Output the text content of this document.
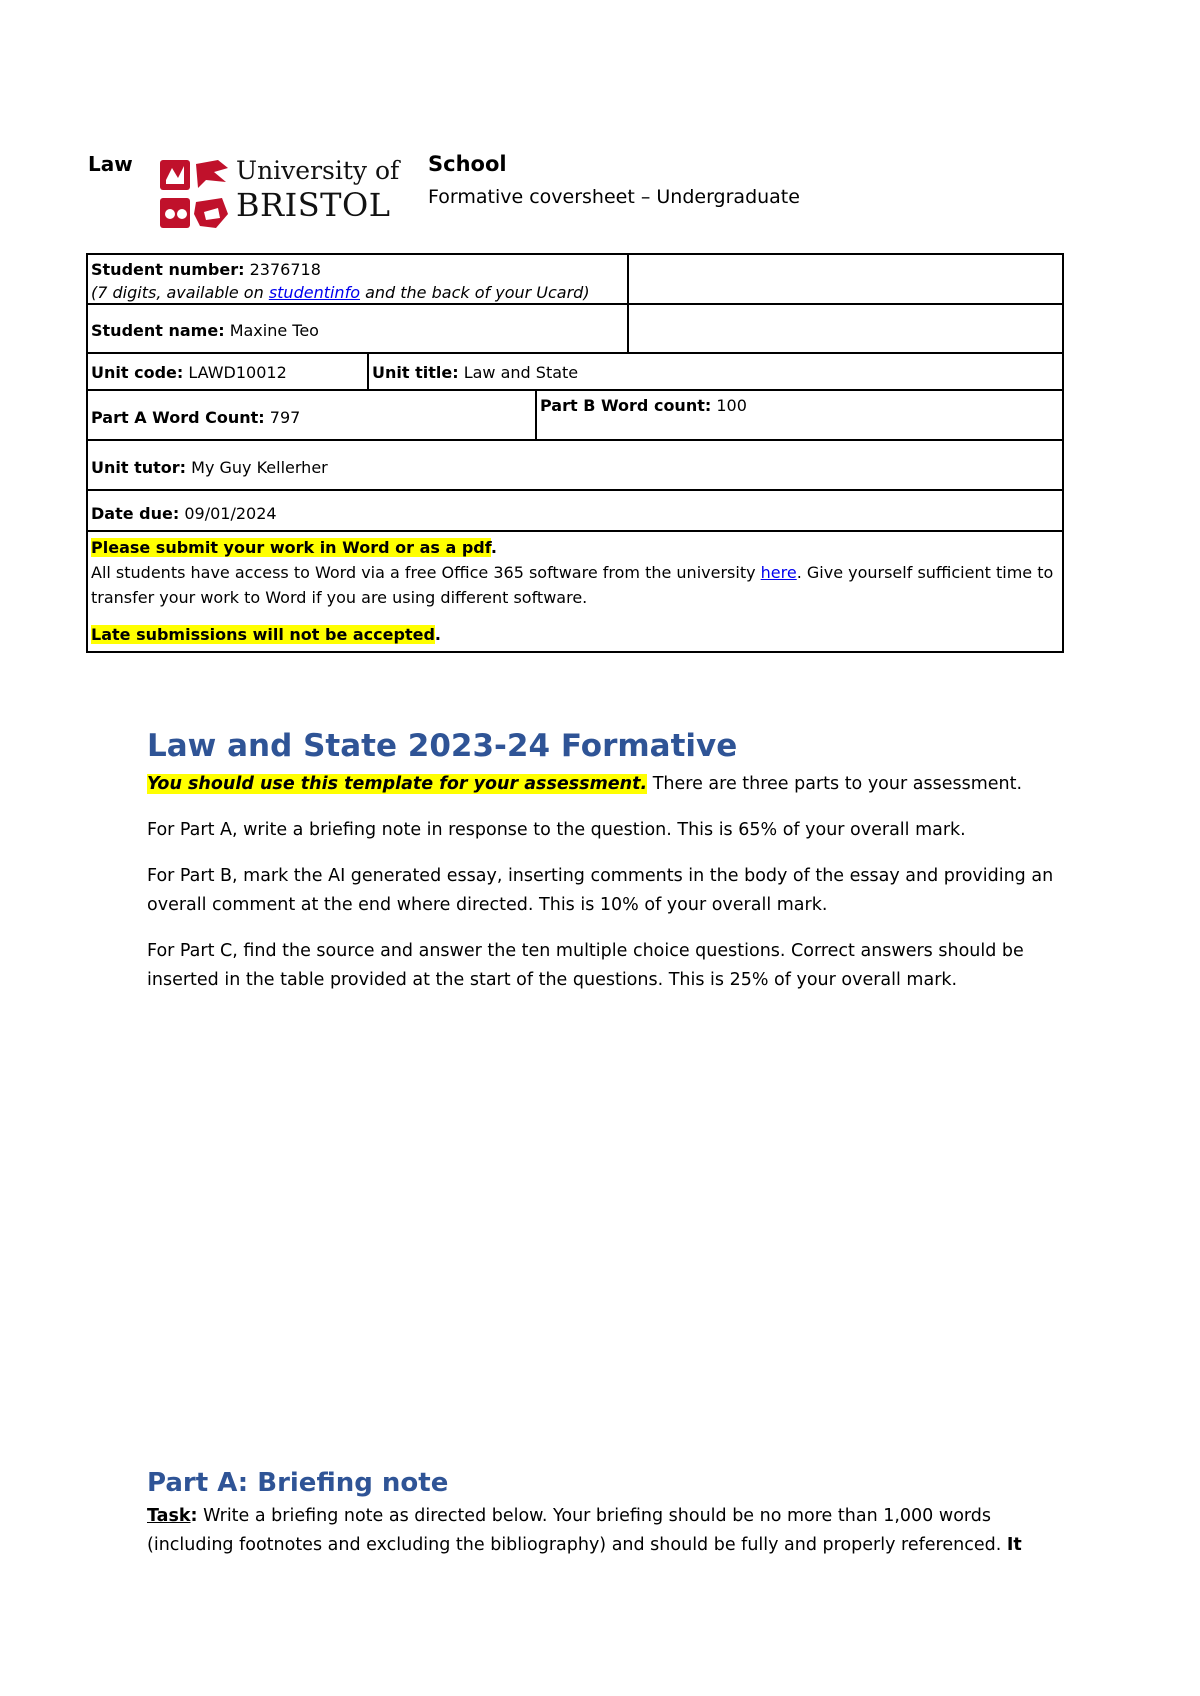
Law	University of
BRISTOL
School
Formative coversheet – Undergraduate
Student number: 2376718
(7 digits, available on studentinfo and the back of your Ucard)
Student name: Maxine Teo
Unit code: LAWD10012	Unit title: Law and State
Part A Word Count: 797
Part B Word count: 100
Unit tutor: My Guy Kellerher
Date due: 09/01/2024
Please submit your work in Word or as a pdf.
All students have access to Word via a free Office 365 software from the university here. Give yourself sufficient time to transfer your work to Word if you are using different software.
Late submissions will not be accepted.
Law and State 2023-24 Formative
You should use this template for your assessment. There are three parts to your assessment.
For Part A, write a briefing note in response to the question. This is 65% of your overall mark.
For Part B, mark the AI generated essay, inserting comments in the body of the essay and providing an overall comment at the end where directed. This is 10% of your overall mark.
For Part C, find the source and answer the ten multiple choice questions. Correct answers should be inserted in the table provided at the start of the questions. This is 25% of your overall mark.
Part A: Briefing note
Task: Write a briefing note as directed below. Your briefing should be no more than 1,000 words (including footnotes and excluding the bibliography) and should be fully and properly referenced. It
